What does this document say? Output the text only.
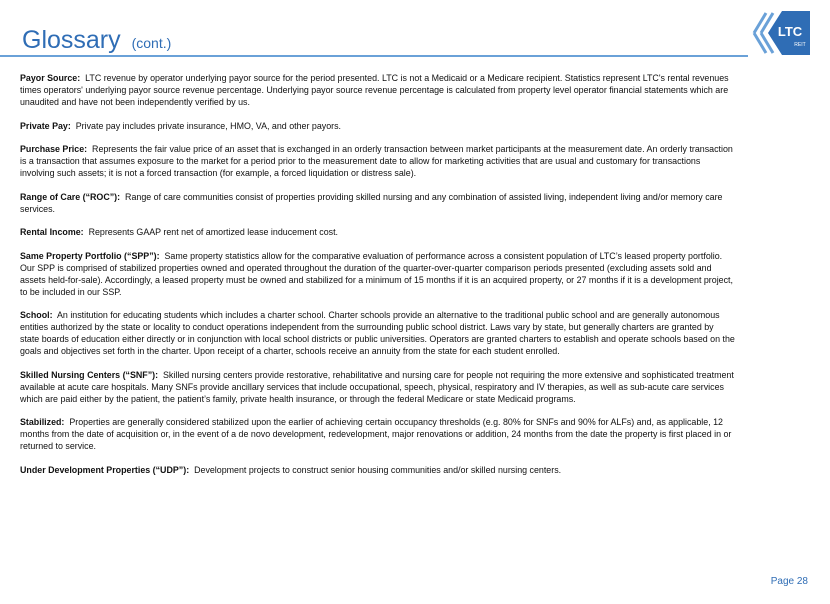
Glossary (cont.)
LTC
REIT

Payor Source: LTC revenue by operator underlying payor source for the period presented. LTC is not a Medicaid or a Medicare recipient. Statistics represent LTC's rental revenues times operators' underlying payor source revenue percentage. Underlying payor source revenue percentage is calculated from property level operator financial statements which are unaudited and have not been independently verified by us.

Private Pay: Private pay includes private insurance, HMO, VA, and other payors.

Purchase Price: Represents the fair value price of an asset that is exchanged in an orderly transaction between market participants at the measurement date. An orderly transaction is a transaction that assumes exposure to the market for a period prior to the measurement date to allow for marketing activities that are usual and customary for transactions involving such assets; it is not a forced transaction (for example, a forced liquidation or distress sale).

Range of Care (“ROC”): Range of care communities consist of properties providing skilled nursing and any combination of assisted living, independent living and/or memory care services.

Rental Income: Represents GAAP rent net of amortized lease inducement cost.

Same Property Portfolio (“SPP”): Same property statistics allow for the comparative evaluation of performance across a consistent population of LTC’s leased property portfolio. Our SPP is comprised of stabilized properties owned and operated throughout the duration of the quarter-over-quarter comparison periods presented (excluding assets sold and assets held-for-sale). Accordingly, a leased property must be owned and stabilized for a minimum of 15 months if it is an acquired property, or 27 months if it is a development project, to be included in our SSP.

School: An institution for educating students which includes a charter school. Charter schools provide an alternative to the traditional public school and are generally autonomous entities authorized by the state or locality to conduct operations independent from the surrounding public school district. Laws vary by state, but generally charters are granted by state boards of education either directly or in conjunction with local school districts or public universities. Operators are granted charters to establish and operate schools based on the goals and objectives set forth in the charter. Upon receipt of a charter, schools receive an annuity from the state for each student enrolled.

Skilled Nursing Centers (“SNF”): Skilled nursing centers provide restorative, rehabilitative and nursing care for people not requiring the more extensive and sophisticated treatment available at acute care hospitals. Many SNFs provide ancillary services that include occupational, speech, physical, respiratory and IV therapies, as well as sub-acute care services which are paid either by the patient, the patient’s family, private health insurance, or through the federal Medicare or state Medicaid programs.

Stabilized: Properties are generally considered stabilized upon the earlier of achieving certain occupancy thresholds (e.g. 80% for SNFs and 90% for ALFs) and, as applicable, 12 months from the date of acquisition or, in the event of a de novo development, redevelopment, major renovations or addition, 24 months from the date the property is first placed in or returned to service.

Under Development Properties (“UDP”): Development projects to construct senior housing communities and/or skilled nursing centers.

Page 28
